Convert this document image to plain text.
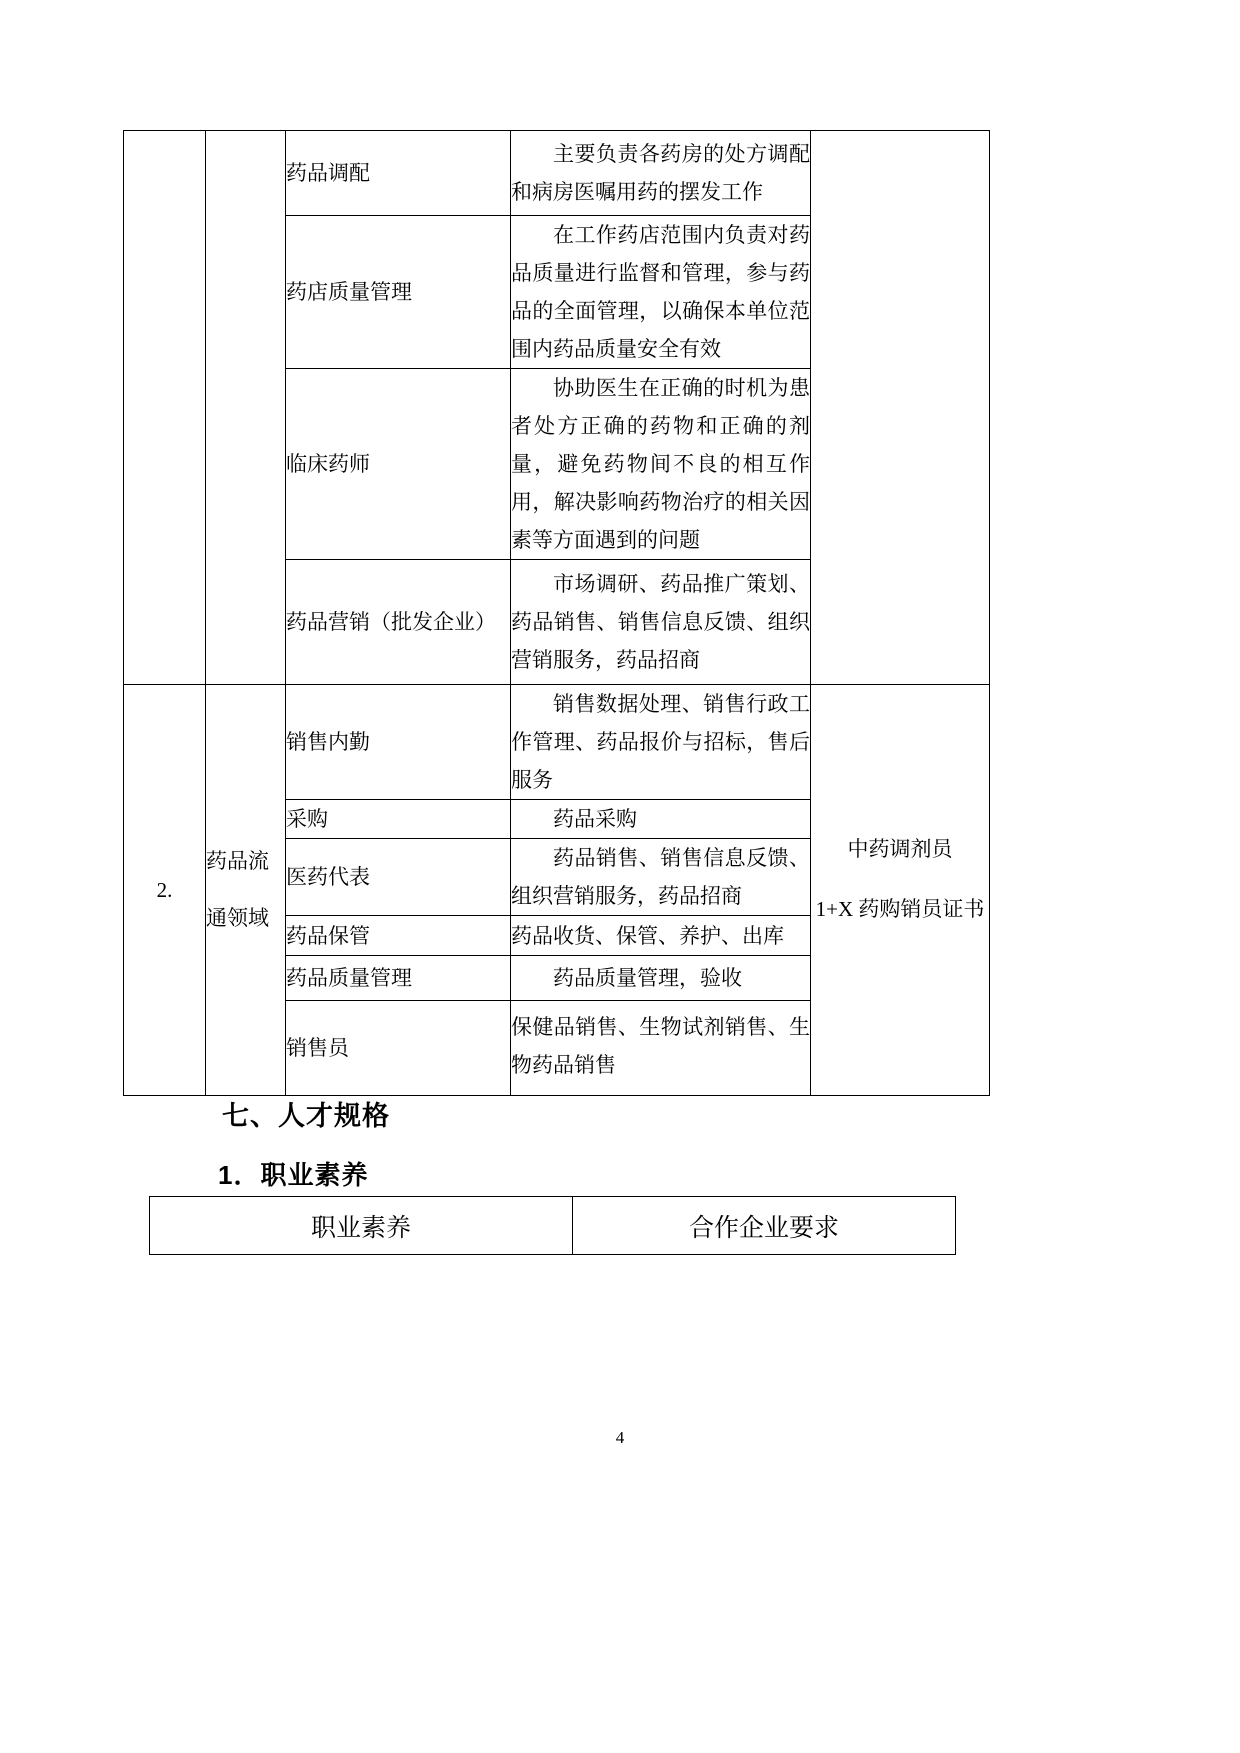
		药品调配	主要负责各药房的处方调配和病房医嘱用药的摆发工作	

		药店质量管理	在工作药店范围内负责对药品质量进行监督和管理，参与药品的全面管理，以确保本单位范围内药品质量安全有效	

		临床药师	协助医生在正确的时机为患者处方正确的药物和正确的剂量，避免药物间不良的相互作用，解决影响药物治疗的相关因素等方面遇到的问题	

		药品营销（批发企业）	市场调研、药品推广策划、药品销售、销售信息反馈、组织营销服务，药品招商	

2.	药品流通领域	销售内勤	销售数据处理、销售行政工作管理、药品报价与招标，售后服务	中药调剂员
1+X 药购销员证书

		采购	药品采购	

		医药代表	药品销售、销售信息反馈、组织营销服务，药品招商	

		药品保管	药品收货、保管、养护、出库	

		药品质量管理	药品质量管理，验收	

		销售员	保健品销售、生物试剂销售、生物药品销售	
七、人才规格
1．职业素养
职业素养	合作企业要求
4
